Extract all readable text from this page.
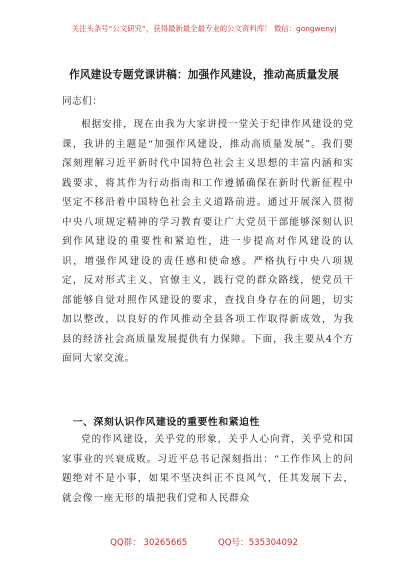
关注头条号“公文研究”，获得最新最全最专业的公文资料库！ 微信：gongwenyj
作风建设专题党课讲稿：加强作风建设，推动高质量发展
同志们：

根据安排，现在由我为大家讲授一堂关于纪律作风建设的党课，我讲的主题是“加强作风建设，推动高质量发展”。我们要深刻理解习近平新时代中国特色社会主义思想的丰富内涵和实践要求，将其作为行动指南和工作遵循确保在新时代新征程中坚定不移沿着中国特色社会主义道路前进。通过开展深入贯彻中央八项规定精神的学习教育要让广大党员干部能够深刻认识到作风建设的重要性和紧迫性，进一步提高对作风建设的认识，增强作风建设的责任感和使命感。严格执行中央八项规定，反对形式主义、官僚主义，践行党的群众路线，使党员干部能够自觉对照作风建设的要求，查找自身存在的问题，切实加以整改，以良好的作风推动全县各项工作取得新成效，为我县的经济社会高质量发展提供有力保障。下面，我主要从4个方面同大家交流。

一、深刻认识作风建设的重要性和紧迫性

党的作风建设，关乎党的形象，关乎人心向背，关乎党和国家事业的兴衰成败。习近平总书记深刻指出：“工作作风上的问题绝对不是小事，如果不坚决纠正不良风气，任其发展下去，就会像一座无形的墙把我们党和人民群众

QQ群： 30265665	QQ号：535304092
